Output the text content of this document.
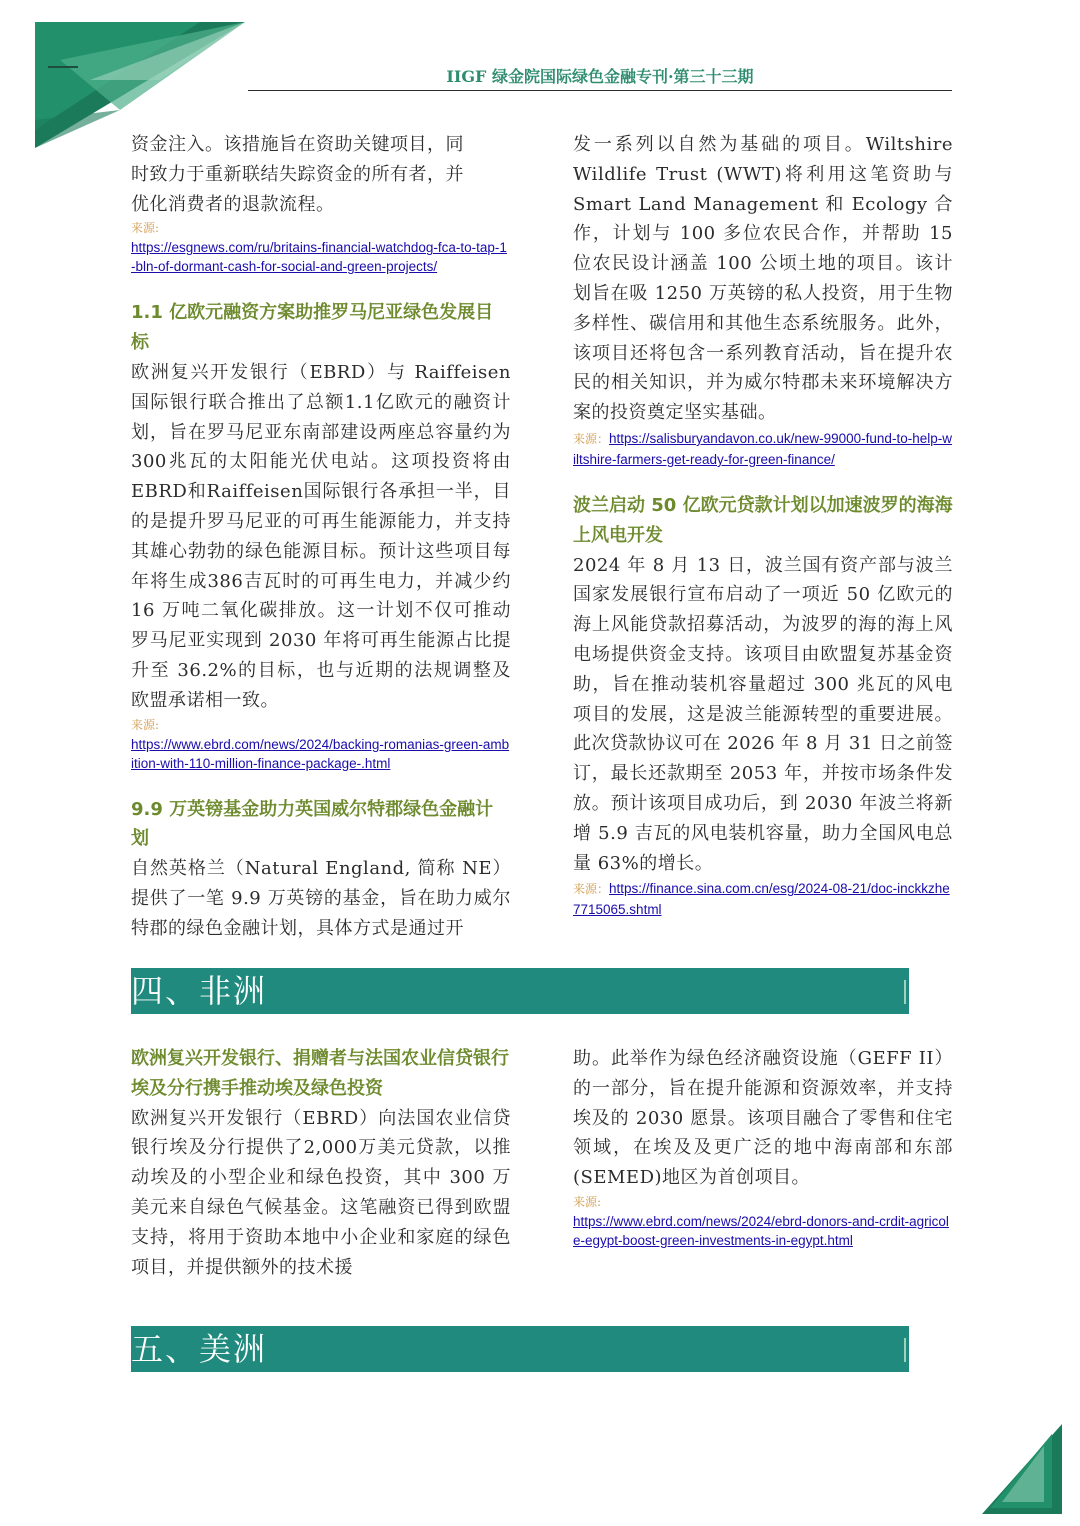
IIGF 绿金院国际绿色金融专刊·第三十三期

资金注入。该措施旨在资助关键项目，同

时致力于重新联结失踪资金的所有者，并

优化消费者的退款流程。

来源:

https://esgnews.com/ru/britains-financial-watchdog-fca-to-tap-1-bln-of-dormant-cash-for-social-and-green-projects/

1.1 亿欧元融资方案助推罗马尼亚绿色发展目标

欧洲复兴开发银行（EBRD）与 Raiffeisen 国际银行联合推出了总额1.1亿欧元的融资计划，旨在罗马尼亚东南部建设两座总容量约为300兆瓦的太阳能光伏电站。这项投资将由EBRD和Raiffeisen国际银行各承担一半，目的是提升罗马尼亚的可再生能源能力，并支持其雄心勃勃的绿色能源目标。预计这些项目每年将生成386吉瓦时的可再生电力，并减少约 16 万吨二氧化碳排放。这一计划不仅可推动罗马尼亚实现到 2030 年将可再生能源占比提升至 36.2%的目标，也与近期的法规调整及欧盟承诺相一致。

来源:

https://www.ebrd.com/news/2024/backing-romanias-green-ambition-with-110-million-finance-package-.html

9.9 万英镑基金助力英国威尔特郡绿色金融计划

自然英格兰（Natural England, 简称 NE）提供了一笔 9.9 万英镑的基金，旨在助力威尔特郡的绿色金融计划，具体方式是通过开

发一系列以自然为基础的项目。Wiltshire Wildlife Trust (WWT)将利用这笔资助与 Smart Land Management 和 Ecology 合作，计划与 100 多位农民合作，并帮助 15 位农民设计涵盖 100 公顷土地的项目。该计划旨在吸 1250 万英镑的私人投资，用于生物多样性、碳信用和其他生态系统服务。此外，该项目还将包含一系列教育活动，旨在提升农民的相关知识，并为威尔特郡未来环境解决方案的投资奠定坚实基础。

来源：https://salisburyandavon.co.uk/new-99000-fund-to-help-wiltshire-farmers-get-ready-for-green-finance/

波兰启动 50 亿欧元贷款计划以加速波罗的海海上风电开发

2024 年 8 月 13 日，波兰国有资产部与波兰国家发展银行宣布启动了一项近 50 亿欧元的海上风能贷款招募活动，为波罗的海的海上风电场提供资金支持。该项目由欧盟复苏基金资助，旨在推动装机容量超过 300 兆瓦的风电项目的发展，这是波兰能源转型的重要进展。此次贷款协议可在 2026 年 8 月 31 日之前签订，最长还款期至 2053 年，并按市场条件发放。预计该项目成功后，到 2030 年波兰将新增 5.9 吉瓦的风电装机容量，助力全国风电总量 63%的增长。

来源：https://finance.sina.com.cn/esg/2024-08-21/doc-inckkzhe7715065.shtml
四、非洲

欧洲复兴开发银行、捐赠者与法国农业信贷银行埃及分行携手推动埃及绿色投资

欧洲复兴开发银行（EBRD）向法国农业信贷银行埃及分行提供了2,000万美元贷款，以推动埃及的小型企业和绿色投资，其中 300 万美元来自绿色气候基金。这笔融资已得到欧盟支持，将用于资助本地中小企业和家庭的绿色项目，并提供额外的技术援

助。此举作为绿色经济融资设施（GEFF II）的一部分，旨在提升能源和资源效率，并支持埃及的 2030 愿景。该项目融合了零售和住宅领域，在埃及及更广泛的地中海南部和东部(SEMED)地区为首创项目。

来源:

https://www.ebrd.com/news/2024/ebrd-donors-and-crdit-agricole-egypt-boost-green-investments-in-egypt.html

五、美洲
